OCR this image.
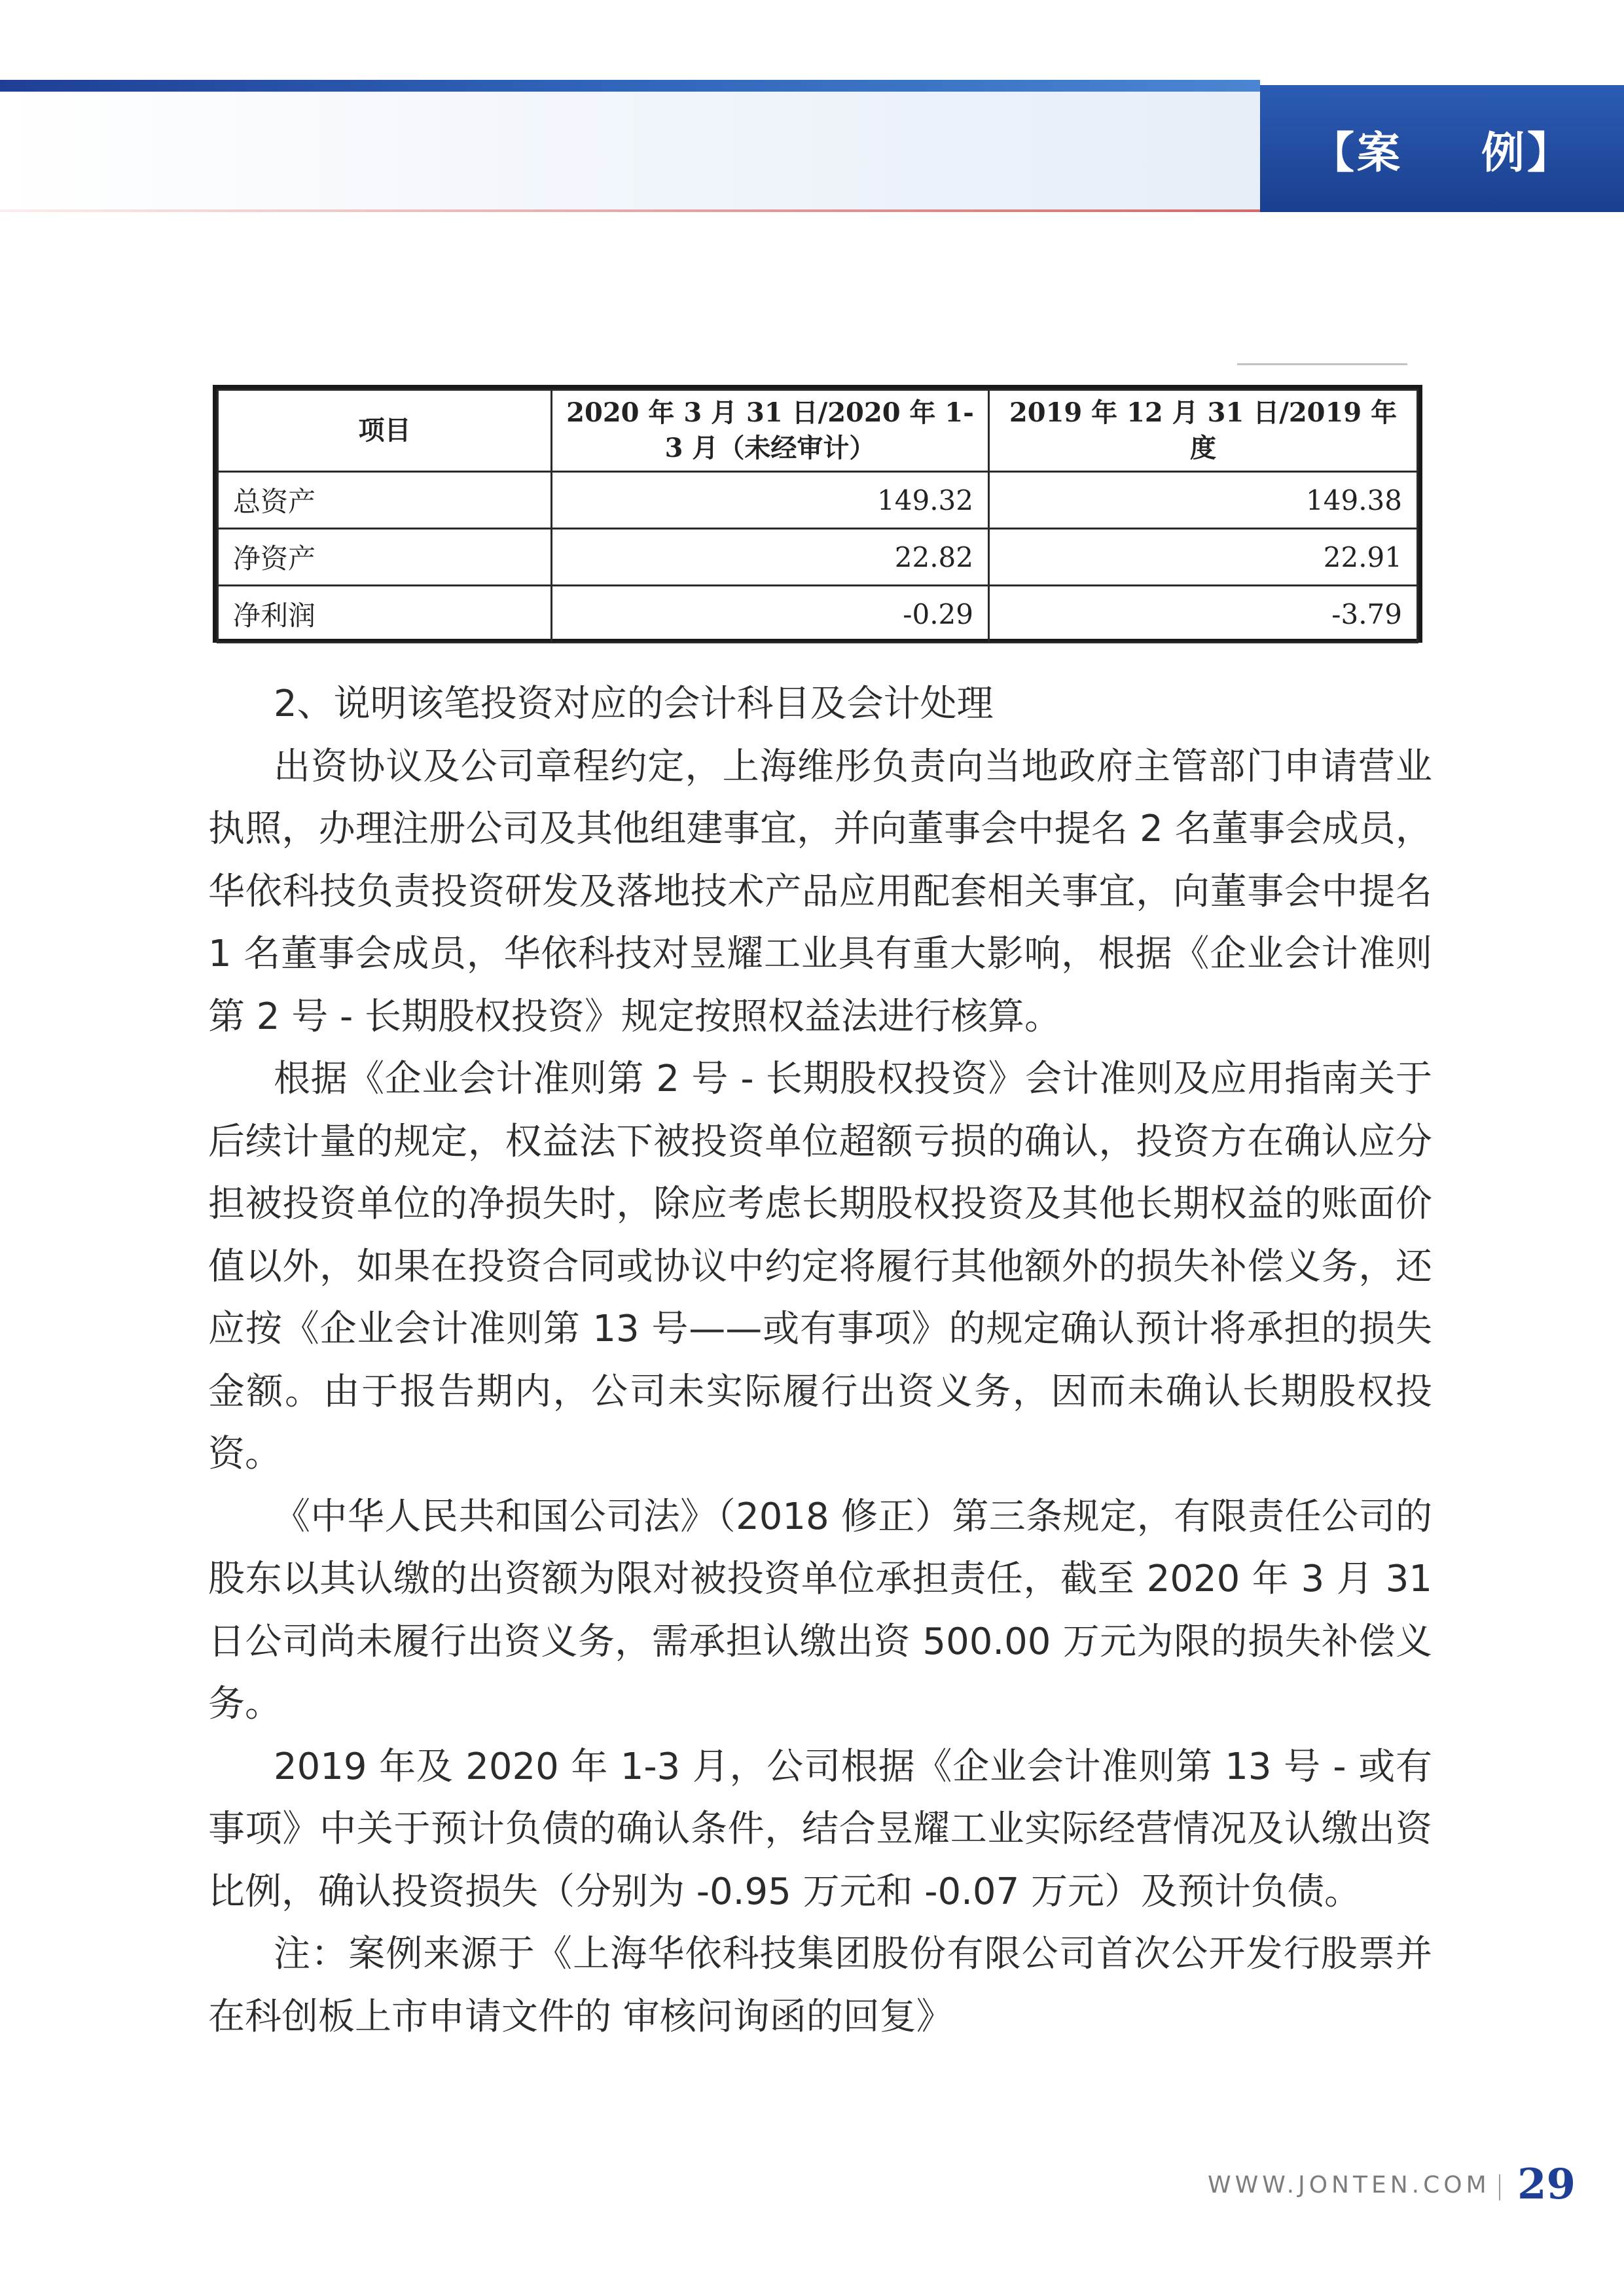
【案 例】
项目	2020 年 3 月 31 日/2020 年 1-3 月（未经审计）	2019 年 12 月 31 日/2019 年度
总资产	149.32	149.38
净资产	22.82	22.91
净利润	-0.29	-3.79

2、说明该笔投资对应的会计科目及会计处理

出资协议及公司章程约定，上海维彤负责向当地政府主管部门申请营业执照，办理注册公司及其他组建事宜，并向董事会中提名 2 名董事会成员，华依科技负责投资研发及落地技术产品应用配套相关事宜，向董事会中提名 1 名董事会成员，华依科技对昱耀工业具有重大影响，根据《企业会计准则第 2 号 - 长期股权投资》规定按照权益法进行核算。

根据《企业会计准则第 2 号 - 长期股权投资》会计准则及应用指南关于后续计量的规定，权益法下被投资单位超额亏损的确认，投资方在确认应分担被投资单位的净损失时，除应考虑长期股权投资及其他长期权益的账面价值以外，如果在投资合同或协议中约定将履行其他额外的损失补偿义务，还应按《企业会计准则第 13 号——或有事项》的规定确认预计将承担的损失金额。由于报告期内，公司未实际履行出资义务，因而未确认长期股权投资。

《中华人民共和国公司法》（2018 修正）第三条规定，有限责任公司的股东以其认缴的出资额为限对被投资单位承担责任，截至 2020 年 3 月 31 日公司尚未履行出资义务，需承担认缴出资 500.00 万元为限的损失补偿义务。

2019 年及 2020 年 1-3 月，公司根据《企业会计准则第 13 号 - 或有事项》中关于预计负债的确认条件，结合昱耀工业实际经营情况及认缴出资比例，确认投资损失（分别为 -0.95 万元和 -0.07 万元）及预计负债。

注：案例来源于《上海华依科技集团股份有限公司首次公开发行股票并在科创板上市申请文件的 审核问询函的回复》

WWW.JONTEN.COM 29
